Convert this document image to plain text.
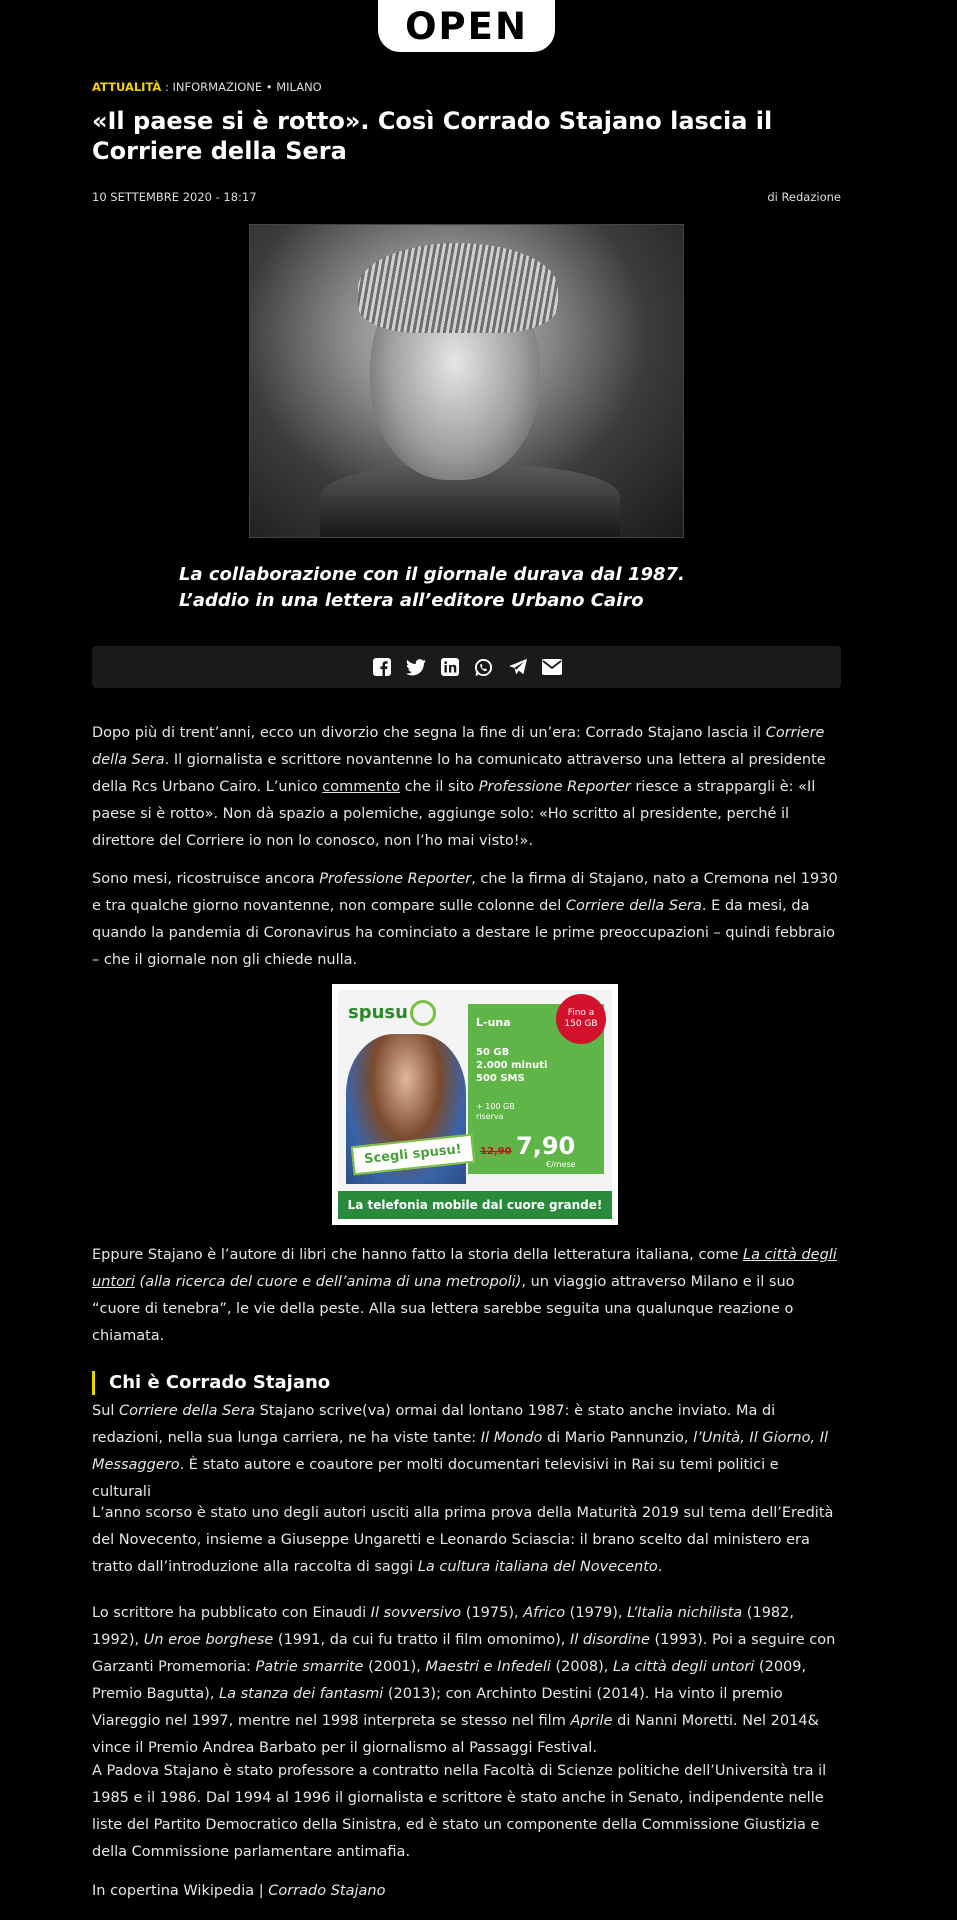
OPEN
ATTUALITÀ : INFORMAZIONE • MILANO
«Il paese si è rotto». Così Corrado Stajano lascia il Corriere della Sera
10 SETTEMBRE 2020 - 18:17	di Redazione

La collaborazione con il giornale durava dal 1987. L’addio in una lettera all’editore Urbano Cairo

Dopo più di trent’anni, ecco un divorzio che segna la fine di un’era: Corrado Stajano lascia il Corriere della Sera. Il giornalista e scrittore novantenne lo ha comunicato attraverso una lettera al presidente della Rcs Urbano Cairo. L’unico commento che il sito Professione Reporter riesce a strappargli è: «Il paese si è rotto». Non dà spazio a polemiche, aggiunge solo: «Ho scritto al presidente, perché il direttore del Corriere io non lo conosco, non l’ho mai visto!».

Sono mesi, ricostruisce ancora Professione Reporter, che la firma di Stajano, nato a Cremona nel 1930 e tra qualche giorno novantenne, non compare sulle colonne del Corriere della Sera. E da mesi, da quando la pandemia di Coronavirus ha cominciato a destare le prime preoccupazioni – quindi febbraio – che il giornale non gli chiede nulla.

spusu	L-una
50 GB
2.000 minuti
500 SMS
+ 100 GB
riserva
12,90 7,90
€/mese
Fino a
150 GB
Scegli spusu!
La telefonia mobile dal cuore grande!

Eppure Stajano è l’autore di libri che hanno fatto la storia della letteratura italiana, come La città degli untori (alla ricerca del cuore e dell’anima di una metropoli), un viaggio attraverso Milano e il suo “cuore di tenebra”, le vie della peste. Alla sua lettera sarebbe seguita una qualunque reazione o chiamata.

Chi è Corrado Stajano

Sul Corriere della Sera Stajano scrive(va) ormai dal lontano 1987: è stato anche inviato. Ma di redazioni, nella sua lunga carriera, ne ha viste tante: Il Mondo di Mario Pannunzio, l’Unità, Il Giorno, Il Messaggero. È stato autore e coautore per molti documentari televisivi in Rai su temi politici e culturali

L’anno scorso è stato uno degli autori usciti alla prima prova della Maturità 2019 sul tema dell’Eredità del Novecento, insieme a Giuseppe Ungaretti e Leonardo Sciascia: il brano scelto dal ministero era tratto dall’introduzione alla raccolta di saggi La cultura italiana del Novecento.

Lo scrittore ha pubblicato con Einaudi Il sovversivo (1975), Africo (1979), L’Italia nichilista (1982, 1992), Un eroe borghese (1991, da cui fu tratto il film omonimo), Il disordine (1993). Poi a seguire con Garzanti Promemoria: Patrie smarrite (2001), Maestri e Infedeli (2008), La città degli untori (2009, Premio Bagutta), La stanza dei fantasmi (2013); con Archinto Destini (2014). Ha vinto il premio Viareggio nel 1997, mentre nel 1998 interpreta se stesso nel film Aprile di Nanni Moretti. Nel 2014& vince il Premio Andrea Barbato per il giornalismo al Passaggi Festival.

A Padova Stajano è stato professore a contratto nella Facoltà di Scienze politiche dell’Università tra il 1985 e il 1986. Dal 1994 al 1996 il giornalista e scrittore è stato anche in Senato, indipendente nelle liste del Partito Democratico della Sinistra, ed è stato un componente della Commissione Giustizia e della Commissione parlamentare antimafia.

In copertina Wikipedia | Corrado Stajano
